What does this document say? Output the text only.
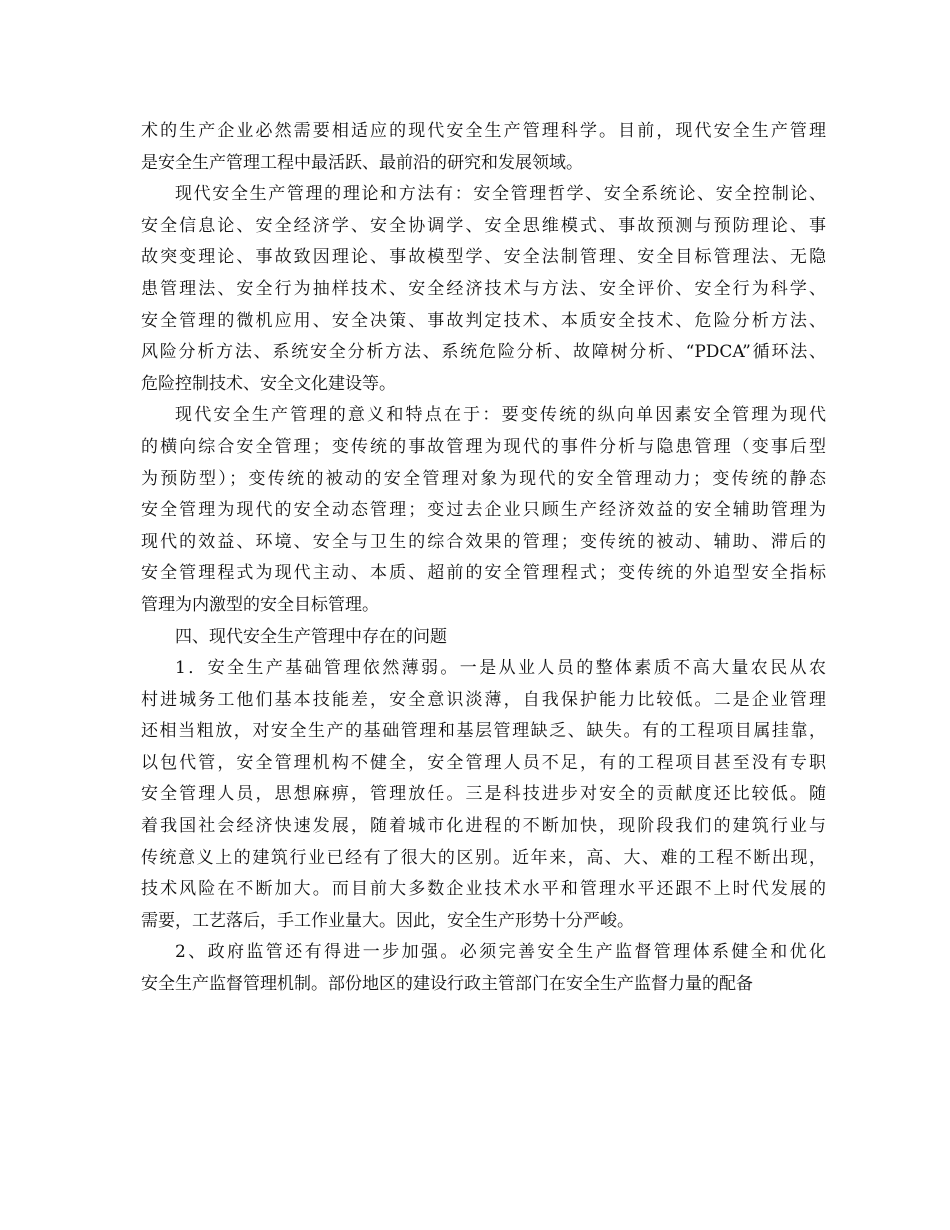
术的生产企业必然需要相适应的现代安全生产管理科学。目前，现代安全生产管理
是安全生产管理工程中最活跃、最前沿的研究和发展领域。
现代安全生产管理的理论和方法有：安全管理哲学、安全系统论、安全控制论、
安全信息论、安全经济学、安全协调学、安全思维模式、事故预测与预防理论、事
故突变理论、事故致因理论、事故模型学、安全法制管理、安全目标管理法、无隐
患管理法、安全行为抽样技术、安全经济技术与方法、安全评价、安全行为科学、
安全管理的微机应用、安全决策、事故判定技术、本质安全技术、危险分析方法、
风险分析方法、系统安全分析方法、系统危险分析、故障树分析、“PDCA”循环法、
危险控制技术、安全文化建设等。
现代安全生产管理的意义和特点在于：要变传统的纵向单因素安全管理为现代
的横向综合安全管理；变传统的事故管理为现代的事件分析与隐患管理（变事后型
为预防型）；变传统的被动的安全管理对象为现代的安全管理动力；变传统的静态
安全管理为现代的安全动态管理；变过去企业只顾生产经济效益的安全辅助管理为
现代的效益、环境、安全与卫生的综合效果的管理；变传统的被动、辅助、滞后的
安全管理程式为现代主动、本质、超前的安全管理程式；变传统的外追型安全指标
管理为内激型的安全目标管理。
四、现代安全生产管理中存在的问题
1．安全生产基础管理依然薄弱。一是从业人员的整体素质不高大量农民从农
村进城务工他们基本技能差，安全意识淡薄，自我保护能力比较低。二是企业管理
还相当粗放，对安全生产的基础管理和基层管理缺乏、缺失。有的工程项目属挂靠，
以包代管，安全管理机构不健全，安全管理人员不足，有的工程项目甚至没有专职
安全管理人员，思想麻痹，管理放任。三是科技进步对安全的贡献度还比较低。随
着我国社会经济快速发展，随着城市化进程的不断加快，现阶段我们的建筑行业与
传统意义上的建筑行业已经有了很大的区别。近年来，高、大、难的工程不断出现，
技术风险在不断加大。而目前大多数企业技术水平和管理水平还跟不上时代发展的
需要，工艺落后，手工作业量大。因此，安全生产形势十分严峻。
2、政府监管还有得进一步加强。必须完善安全生产监督管理体系健全和优化
安全生产监督管理机制。部份地区的建设行政主管部门在安全生产监督力量的配备
